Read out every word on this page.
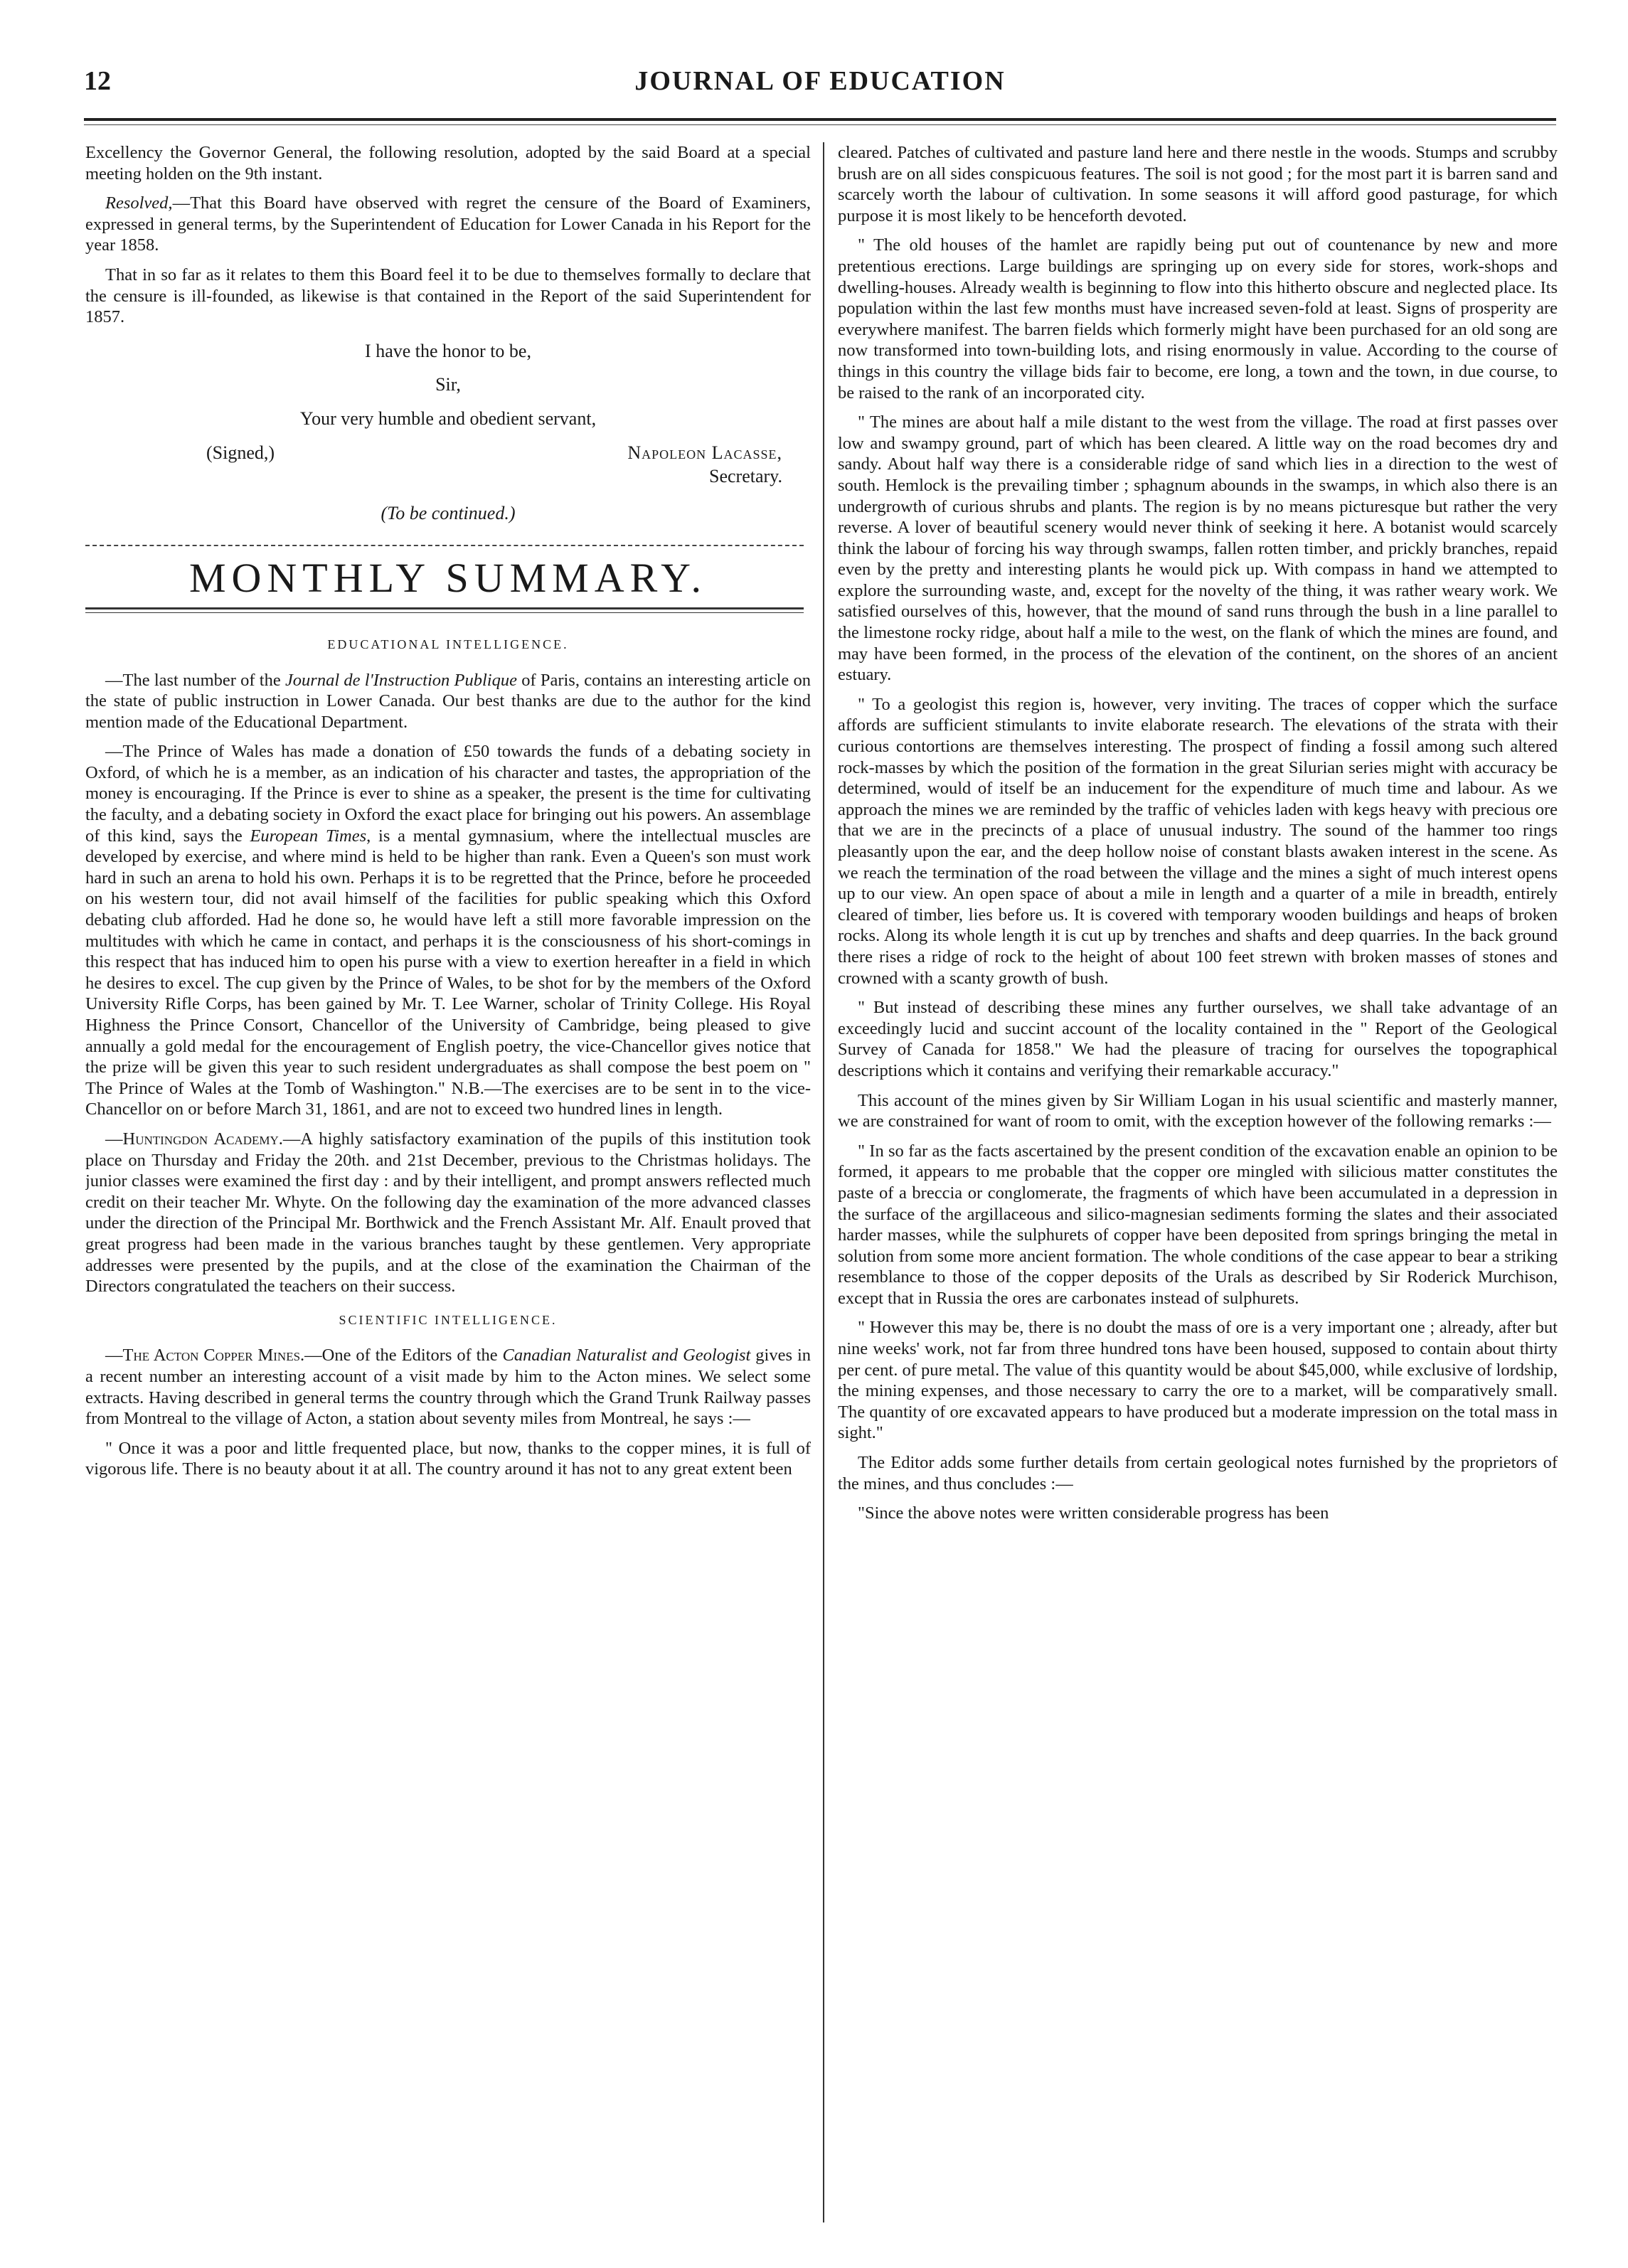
12	JOURNAL OF EDUCATION

Excellency the Governor General, the following resolution, adopted by the said Board at a special meeting holden on the 9th instant.

Resolved,—That this Board have observed with regret the censure of the Board of Examiners, expressed in general terms, by the Superintendent of Education for Lower Canada in his Report for the year 1858.

That in so far as it relates to them this Board feel it to be due to themselves formally to declare that the censure is ill-founded, as likewise is that contained in the Report of the said Superintendent for 1857.

I have the honor to be,
Sir,
Your very humble and obedient servant,
(Signed,)	Napoleon Lacasse,
Secretary.
(To be continued.)
MONTHLY SUMMARY.

EDUCATIONAL INTELLIGENCE.

—The last number of the Journal de l'Instruction Publique of Paris, contains an interesting article on the state of public instruction in Lower Canada. Our best thanks are due to the author for the kind mention made of the Educational Department.

—The Prince of Wales has made a donation of £50 towards the funds of a debating society in Oxford, of which he is a member, as an indication of his character and tastes, the appropriation of the money is encouraging. If the Prince is ever to shine as a speaker, the present is the time for cultivating the faculty, and a debating society in Oxford the exact place for bringing out his powers. An assemblage of this kind, says the European Times, is a mental gymnasium, where the intellectual muscles are developed by exercise, and where mind is held to be higher than rank. Even a Queen's son must work hard in such an arena to hold his own. Perhaps it is to be regretted that the Prince, before he proceeded on his western tour, did not avail himself of the facilities for public speaking which this Oxford debating club afforded. Had he done so, he would have left a still more favorable impression on the multitudes with which he came in contact, and perhaps it is the consciousness of his short-comings in this respect that has induced him to open his purse with a view to exertion hereafter in a field in which he desires to excel. The cup given by the Prince of Wales, to be shot for by the members of the Oxford University Rifle Corps, has been gained by Mr. T. Lee Warner, scholar of Trinity College. His Royal Highness the Prince Consort, Chancellor of the University of Cambridge, being pleased to give annually a gold medal for the encouragement of English poetry, the vice-Chancellor gives notice that the prize will be given this year to such resident undergraduates as shall compose the best poem on " The Prince of Wales at the Tomb of Washington." N.B.—The exercises are to be sent in to the vice-Chancellor on or before March 31, 1861, and are not to exceed two hundred lines in length.

—Huntingdon Academy.—A highly satisfactory examination of the pupils of this institution took place on Thursday and Friday the 20th. and 21st December, previous to the Christmas holidays. The junior classes were examined the first day : and by their intelligent, and prompt answers reflected much credit on their teacher Mr. Whyte. On the following day the examination of the more advanced classes under the direction of the Principal Mr. Borthwick and the French Assistant Mr. Alf. Enault proved that great progress had been made in the various branches taught by these gentlemen. Very appropriate addresses were presented by the pupils, and at the close of the examination the Chairman of the Directors congratulated the teachers on their success.

SCIENTIFIC INTELLIGENCE.

—The Acton Copper Mines.—One of the Editors of the Canadian Naturalist and Geologist gives in a recent number an interesting account of a visit made by him to the Acton mines. We select some extracts. Having described in general terms the country through which the Grand Trunk Railway passes from Montreal to the village of Acton, a station about seventy miles from Montreal, he says :—

" Once it was a poor and little frequented place, but now, thanks to the copper mines, it is full of vigorous life. There is no beauty about it at all. The country around it has not to any great extent been

cleared. Patches of cultivated and pasture land here and there nestle in the woods. Stumps and scrubby brush are on all sides conspicuous features. The soil is not good ; for the most part it is barren sand and scarcely worth the labour of cultivation. In some seasons it will afford good pasturage, for which purpose it is most likely to be henceforth devoted.

" The old houses of the hamlet are rapidly being put out of countenance by new and more pretentious erections. Large buildings are springing up on every side for stores, work-shops and dwelling-houses. Already wealth is beginning to flow into this hitherto obscure and neglected place. Its population within the last few months must have increased seven-fold at least. Signs of prosperity are everywhere manifest. The barren fields which formerly might have been purchased for an old song are now transformed into town-building lots, and rising enormously in value. According to the course of things in this country the village bids fair to become, ere long, a town and the town, in due course, to be raised to the rank of an incorporated city.

" The mines are about half a mile distant to the west from the village. The road at first passes over low and swampy ground, part of which has been cleared. A little way on the road becomes dry and sandy. About half way there is a considerable ridge of sand which lies in a direction to the west of south. Hemlock is the prevailing timber ; sphagnum abounds in the swamps, in which also there is an undergrowth of curious shrubs and plants. The region is by no means picturesque but rather the very reverse. A lover of beautiful scenery would never think of seeking it here. A botanist would scarcely think the labour of forcing his way through swamps, fallen rotten timber, and prickly branches, repaid even by the pretty and interesting plants he would pick up. With compass in hand we attempted to explore the surrounding waste, and, except for the novelty of the thing, it was rather weary work. We satisfied ourselves of this, however, that the mound of sand runs through the bush in a line parallel to the limestone rocky ridge, about half a mile to the west, on the flank of which the mines are found, and may have been formed, in the process of the elevation of the continent, on the shores of an ancient estuary.

" To a geologist this region is, however, very inviting. The traces of copper which the surface affords are sufficient stimulants to invite elaborate research. The elevations of the strata with their curious contortions are themselves interesting. The prospect of finding a fossil among such altered rock-masses by which the position of the formation in the great Silurian series might with accuracy be determined, would of itself be an inducement for the expenditure of much time and labour. As we approach the mines we are reminded by the traffic of vehicles laden with kegs heavy with precious ore that we are in the precincts of a place of unusual industry. The sound of the hammer too rings pleasantly upon the ear, and the deep hollow noise of constant blasts awaken interest in the scene. As we reach the termination of the road between the village and the mines a sight of much interest opens up to our view. An open space of about a mile in length and a quarter of a mile in breadth, entirely cleared of timber, lies before us. It is covered with temporary wooden buildings and heaps of broken rocks. Along its whole length it is cut up by trenches and shafts and deep quarries. In the back ground there rises a ridge of rock to the height of about 100 feet strewn with broken masses of stones and crowned with a scanty growth of bush.

" But instead of describing these mines any further ourselves, we shall take advantage of an exceedingly lucid and succint account of the locality contained in the " Report of the Geological Survey of Canada for 1858." We had the pleasure of tracing for ourselves the topographical descriptions which it contains and verifying their remarkable accuracy."

This account of the mines given by Sir William Logan in his usual scientific and masterly manner, we are constrained for want of room to omit, with the exception however of the following remarks :—

" In so far as the facts ascertained by the present condition of the excavation enable an opinion to be formed, it appears to me probable that the copper ore mingled with silicious matter constitutes the paste of a breccia or conglomerate, the fragments of which have been accumulated in a depression in the surface of the argillaceous and silico-magnesian sediments forming the slates and their associated harder masses, while the sulphurets of copper have been deposited from springs bringing the metal in solution from some more ancient formation. The whole conditions of the case appear to bear a striking resemblance to those of the copper deposits of the Urals as described by Sir Roderick Murchison, except that in Russia the ores are carbonates instead of sulphurets.

" However this may be, there is no doubt the mass of ore is a very important one ; already, after but nine weeks' work, not far from three hundred tons have been housed, supposed to contain about thirty per cent. of pure metal. The value of this quantity would be about $45,000, while exclusive of lordship, the mining expenses, and those necessary to carry the ore to a market, will be comparatively small. The quantity of ore excavated appears to have produced but a moderate impression on the total mass in sight."

The Editor adds some further details from certain geological notes furnished by the proprietors of the mines, and thus concludes :—

"Since the above notes were written considerable progress has been
